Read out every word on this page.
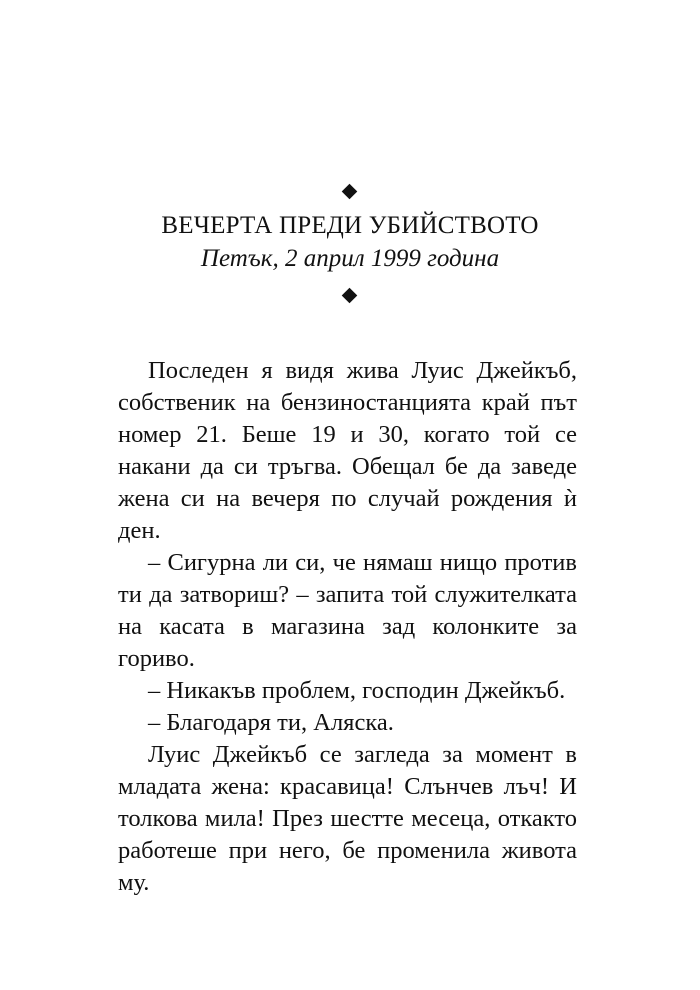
ВЕЧЕРТА ПРЕДИ УБИЙСТВОТО
Петък, 2 април 1999 година

Последен я видя жива Луис Джейкъб, собственик на бензиностанцията край път номер 21. Беше 19 и 30, когато той се накани да си тръгва. Обещал бе да заведе жена си на вечеря по случай рождения ѝ ден.

– Сигурна ли си, че нямаш нищо против ти да затвориш? – запита той служителката на касата в магазина зад колонките за гориво.

– Никакъв проблем, господин Джейкъб.

– Благодаря ти, Аляска.

Луис Джейкъб се загледа за момент в младата жена: красавица! Слънчев лъч! И толкова мила! През шестте месеца, откакто работеше при него, бе променила живота му.
